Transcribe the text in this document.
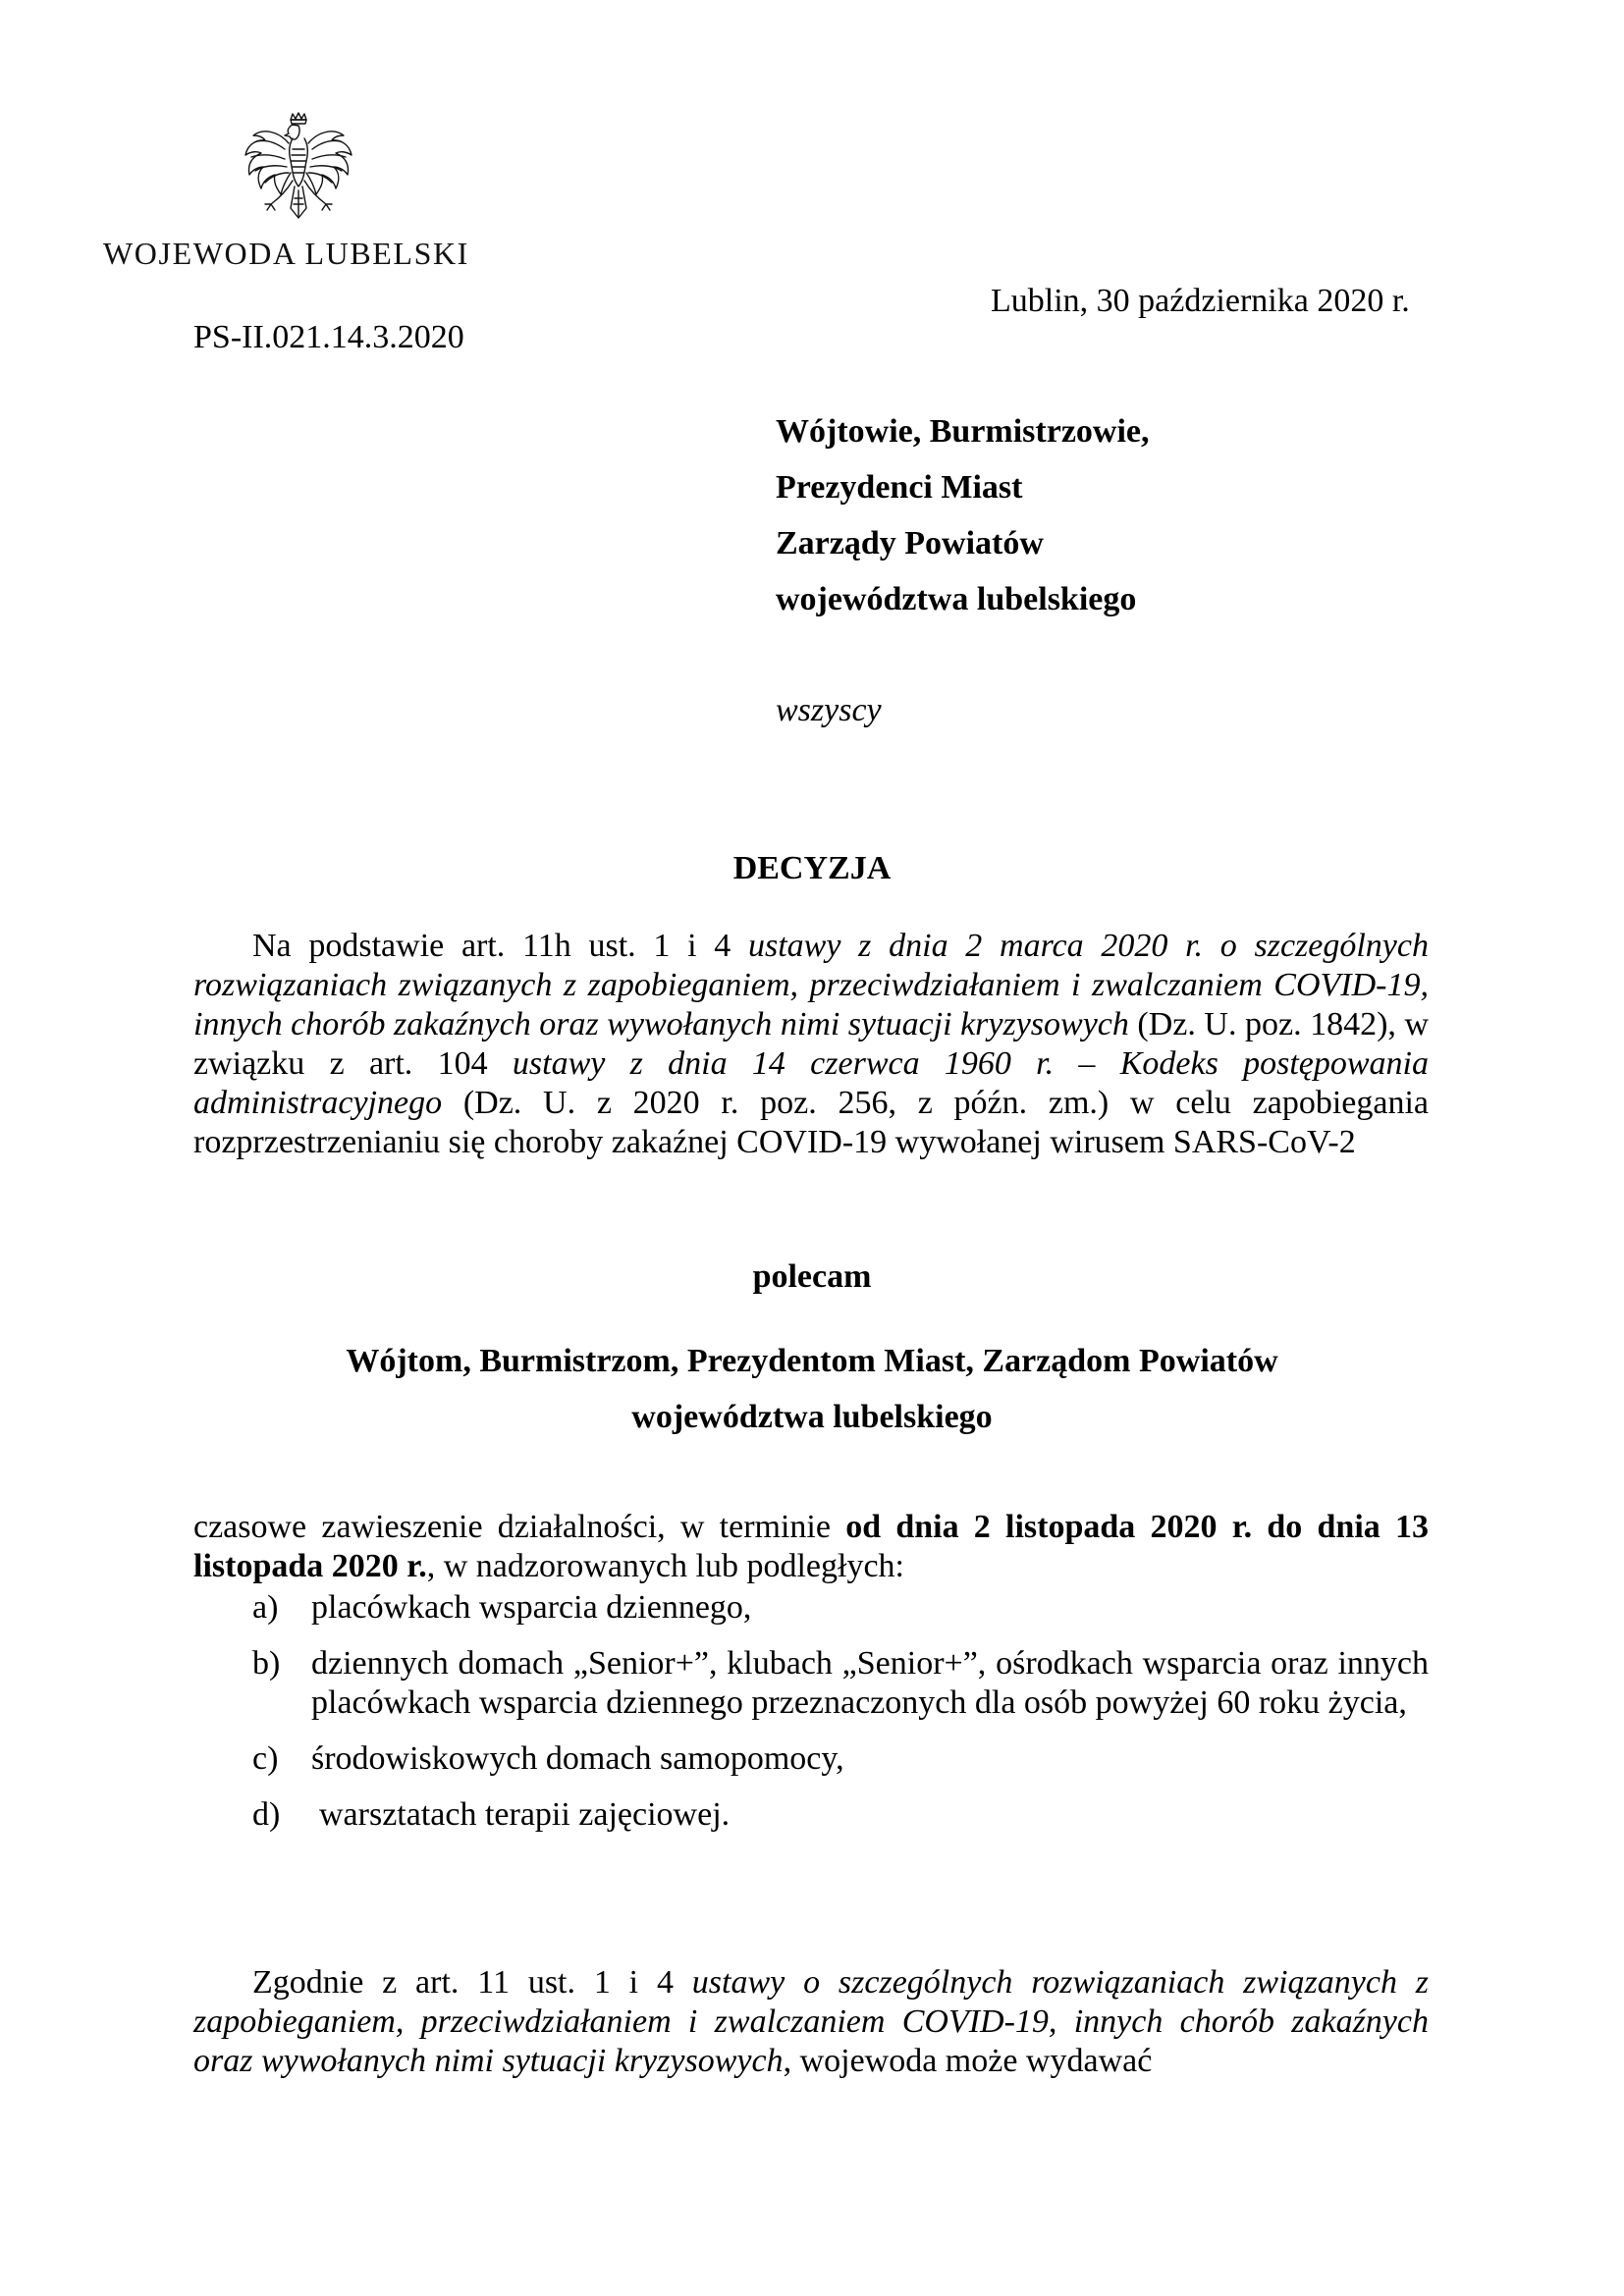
WOJEWODA LUBELSKI
Lublin, 30 października 2020 r.
PS-II.021.14.3.2020
Wójtowie, Burmistrzowie,
Prezydenci Miast
Zarządy Powiatów
województwa lubelskiego
wszyscy
DECYZJA

Na podstawie art. 11h ust. 1 i 4 ustawy z dnia 2 marca 2020 r. o szczególnych rozwiązaniach związanych z zapobieganiem, przeciwdziałaniem i zwalczaniem COVID-19, innych chorób zakaźnych oraz wywołanych nimi sytuacji kryzysowych (Dz. U. poz. 1842), w związku z art. 104 ustawy z dnia 14 czerwca 1960 r. – Kodeks postępowania administracyjnego (Dz. U. z 2020 r. poz. 256, z późn. zm.) w celu zapobiegania rozprzestrzenianiu się choroby zakaźnej COVID-19 wywołanej wirusem SARS-CoV-2

polecam
Wójtom, Burmistrzom, Prezydentom Miast, Zarządom Powiatów
województwa lubelskiego

czasowe zawieszenie działalności, w terminie od dnia 2 listopada 2020 r. do dnia 13 listopada 2020 r., w nadzorowanych lub podległych:

a) placówkach wsparcia dziennego,
b) dziennych domach „Senior+”, klubach „Senior+”, ośrodkach wsparcia oraz innych placówkach wsparcia dziennego przeznaczonych dla osób powyżej 60 roku życia,
c) środowiskowych domach samopomocy,
d) warsztatach terapii zajęciowej.

Zgodnie z art. 11 ust. 1 i 4 ustawy o szczególnych rozwiązaniach związanych z zapobieganiem, przeciwdziałaniem i zwalczaniem COVID-19, innych chorób zakaźnych oraz wywołanych nimi sytuacji kryzysowych, wojewoda może wydawać
